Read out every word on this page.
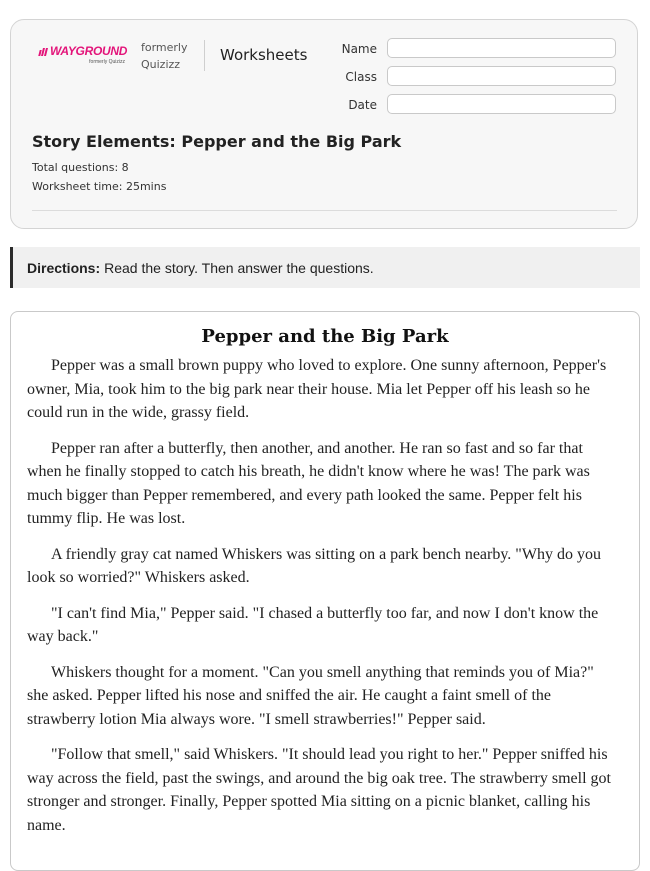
WAYGROUND
formerly Quizizz
formerly Quizizz
Worksheets	Name
Class
Date
Story Elements: Pepper and the Big Park
Total questions: 8
Worksheet time: 25mins
Directions: Read the story. Then answer the questions.
Pepper and the Big Park

Pepper was a small brown puppy who loved to explore. One sunny afternoon, Pepper's owner, Mia, took him to the big park near their house. Mia let Pepper off his leash so he could run in the wide, grassy field.

Pepper ran after a butterfly, then another, and another. He ran so fast and so far that when he finally stopped to catch his breath, he didn't know where he was! The park was much bigger than Pepper remembered, and every path looked the same. Pepper felt his tummy flip. He was lost.

A friendly gray cat named Whiskers was sitting on a park bench nearby. "Why do you look so worried?" Whiskers asked.

"I can't find Mia," Pepper said. "I chased a butterfly too far, and now I don't know the way back."

Whiskers thought for a moment. "Can you smell anything that reminds you of Mia?" she asked. Pepper lifted his nose and sniffed the air. He caught a faint smell of the strawberry lotion Mia always wore. "I smell strawberries!" Pepper said.

"Follow that smell," said Whiskers. "It should lead you right to her." Pepper sniffed his way across the field, past the swings, and around the big oak tree. The strawberry smell got stronger and stronger. Finally, Pepper spotted Mia sitting on a picnic blanket, calling his name.
